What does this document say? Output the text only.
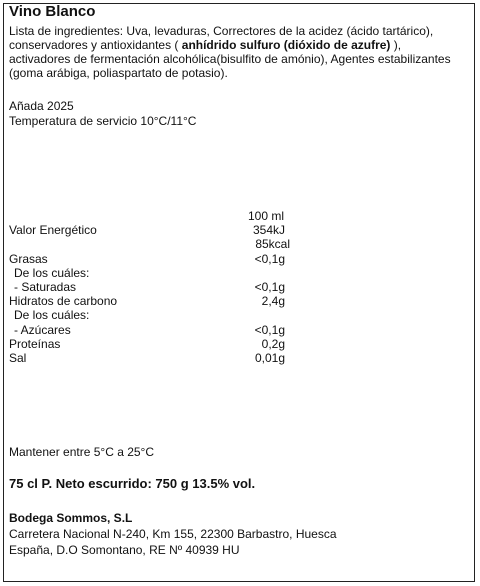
Vino Blanco
Lista de ingredientes: Uva, levaduras, Correctores de la acidez (ácido tartárico), conservadores y antioxidantes ( anhídrido sulfuro (dióxido de azufre) ), activadores de fermentación alcohólica(bisulfito de amónio), Agentes estabilizantes (goma arábiga, poliaspartato de potasio).
Añada 2025
Temperatura de servicio 10°C/11°C
100 ml
Valor Energético	354kJ
85kcal
Grasas	<0,1g
De los cuáles:
- Saturadas	<0,1g
Hidratos de carbono	2,4g
De los cuáles:
- Azúcares	<0,1g
Proteínas	0,2g
Sal	0,01g
Mantener entre 5°C a 25°C
75 cl P. Neto escurrido: 750 g 13.5% vol.
Bodega Sommos, S.L
Carretera Nacional N-240, Km 155, 22300 Barbastro, Huesca
España, D.O Somontano, RE Nº 40939 HU
